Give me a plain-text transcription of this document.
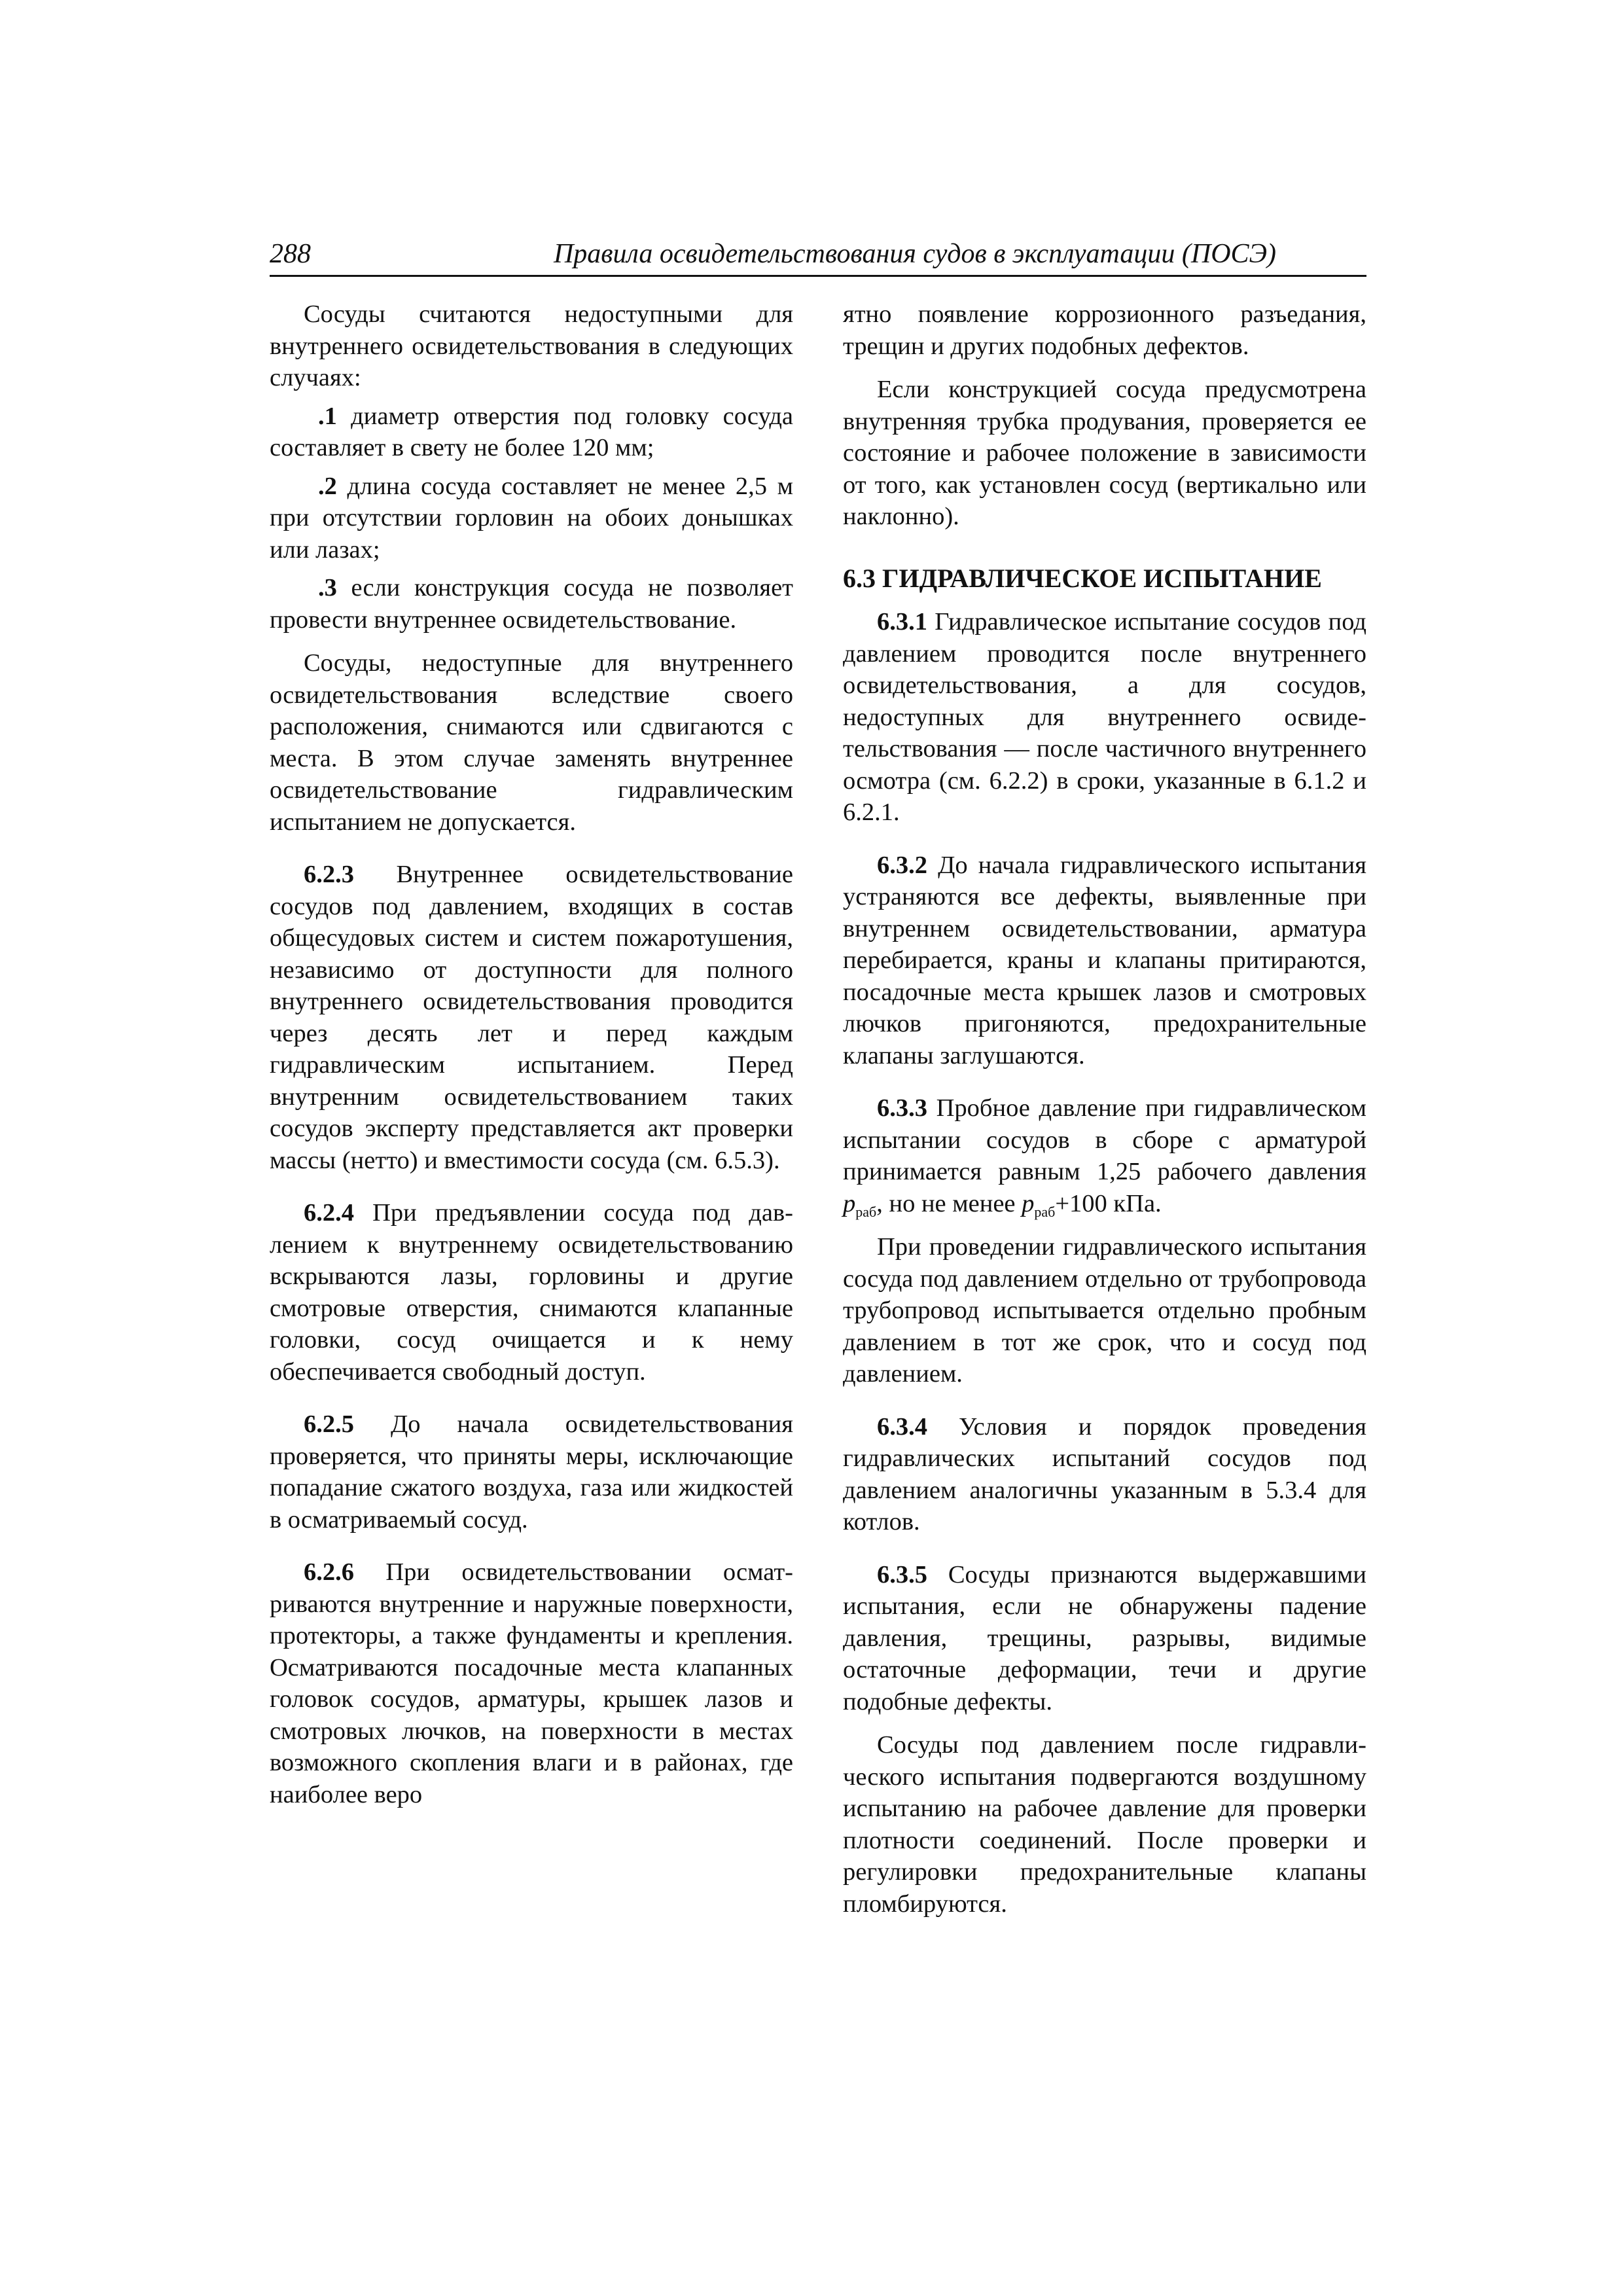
288	Правила освидетельствования судов в эксплуатации (ПОСЭ)

Сосуды считаются недоступными для внутреннего освидетельствования в следующих случаях:

.1 диаметр отверстия под головку сосуда составляет в свету не более 120 мм;

.2 длина сосуда составляет не менее 2,5 м при отсутствии горловин на обоих донышках или лазах;

.3 если конструкция сосуда не позволяет провести внутреннее освидетельствование.

Сосуды, недоступные для внутреннего освидетельствования вследствие своего расположения, снимаются или сдвигаются с места. В этом случае заменять внутреннее освидетельствование гидравлическим испытанием не допускается.

6.2.3 Внутреннее освидетельствование сосудов под давлением, входящих в состав общесудовых систем и систем пожаротушения, независимо от доступности для полного внутреннего освидетельствования проводится через десять лет и перед каждым гидравлическим испытанием. Перед внутренним освидетельствованием таких сосудов эксперту представляется акт проверки массы (нетто) и вместимости сосуда (см. 6.5.3).

6.2.4 При предъявлении сосуда под давлением к внутреннему освидетельствованию вскрываются лазы, горловины и другие смотровые отверстия, снимаются клапанные головки, сосуд очищается и к нему обеспечивается свободный доступ.

6.2.5 До начала освидетельствования проверяется, что приняты меры, исключающие попадание сжатого воздуха, газа или жидкостей в осматриваемый сосуд.

6.2.6 При освидетельствовании осматриваются внутренние и наружные поверхности, протекторы, а также фундаменты и крепления. Осматриваются посадочные места клапанных головок сосудов, арматуры, крышек лазов и смотровых лючков, на поверхности в местах возможного скопления влаги и в районах, где наиболее веро

ятно появление коррозионного разъедания, трещин и других подобных дефектов.

Если конструкцией сосуда предусмотрена внутренняя трубка продувания, проверяется ее состояние и рабочее положение в зависимости от того, как установлен сосуд (вертикально или наклонно).

6.3 ГИДРАВЛИЧЕСКОЕ ИСПЫТАНИЕ

6.3.1 Гидравлическое испытание сосудов под давлением проводится после внутреннего освидетельствования, а для сосудов, недоступных для внутреннего освидетельствования — после частичного внутреннего осмотра (см. 6.2.2) в сроки, указанные в 6.1.2 и 6.2.1.

6.3.2 До начала гидравлического испытания устраняются все дефекты, выявленные при внутреннем освидетельствовании, арматура перебирается, краны и клапаны притираются, посадочные места крышек лазов и смотровых лючков пригоняются, предохранительные клапаны заглушаются.

6.3.3 Пробное давление при гидравлическом испытании сосудов в сборе с арматурой принимается равным 1,25 рабочего давления $p_{раб}$, но не менее $p_{раб}+100$ кПа.

При проведении гидравлического испытания сосуда под давлением отдельно от трубопровода трубопровод испытывается отдельно пробным давлением в тот же срок, что и сосуд под давлением.

6.3.4 Условия и порядок проведения гидравлических испытаний сосудов под давлением аналогичны указанным в 5.3.4 для котлов.

6.3.5 Сосуды признаются выдержавшими испытания, если не обнаружены падение давления, трещины, разрывы, видимые остаточные деформации, течи и другие подобные дефекты.

Сосуды под давлением после гидравлического испытания подвергаются воздушному испытанию на рабочее давление для проверки плотности соединений. После проверки и регулировки предохранительные клапаны пломбируются.
